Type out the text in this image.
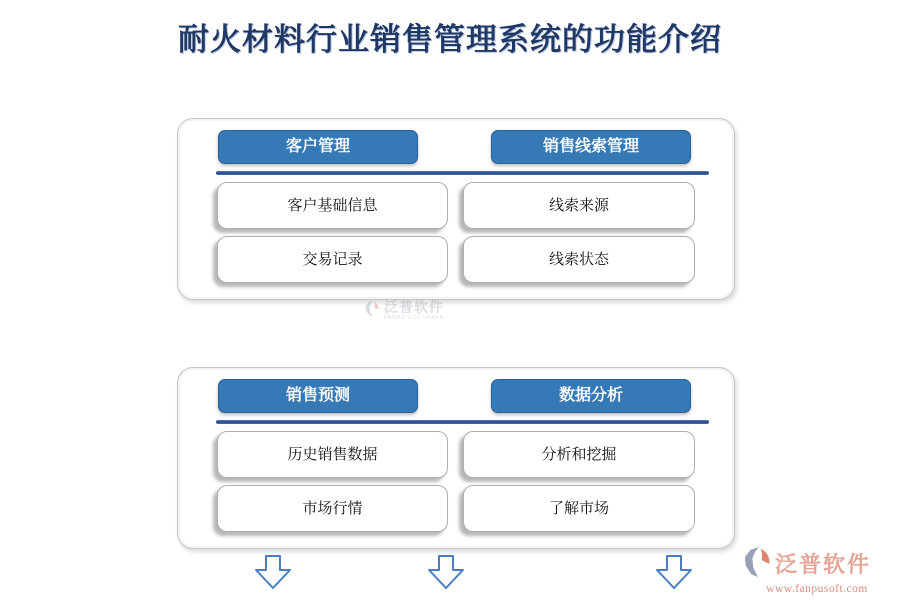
耐火材料行业销售管理系统的功能介绍
客户管理	销售线索管理
客户基础信息	线索来源
交易记录	线索状态
泛普软件
FANPU SOFTWARE
销售预测	数据分析
历史销售数据	分析和挖掘
市场行情	了解市场
泛普软件
www.fanpusoft.com
